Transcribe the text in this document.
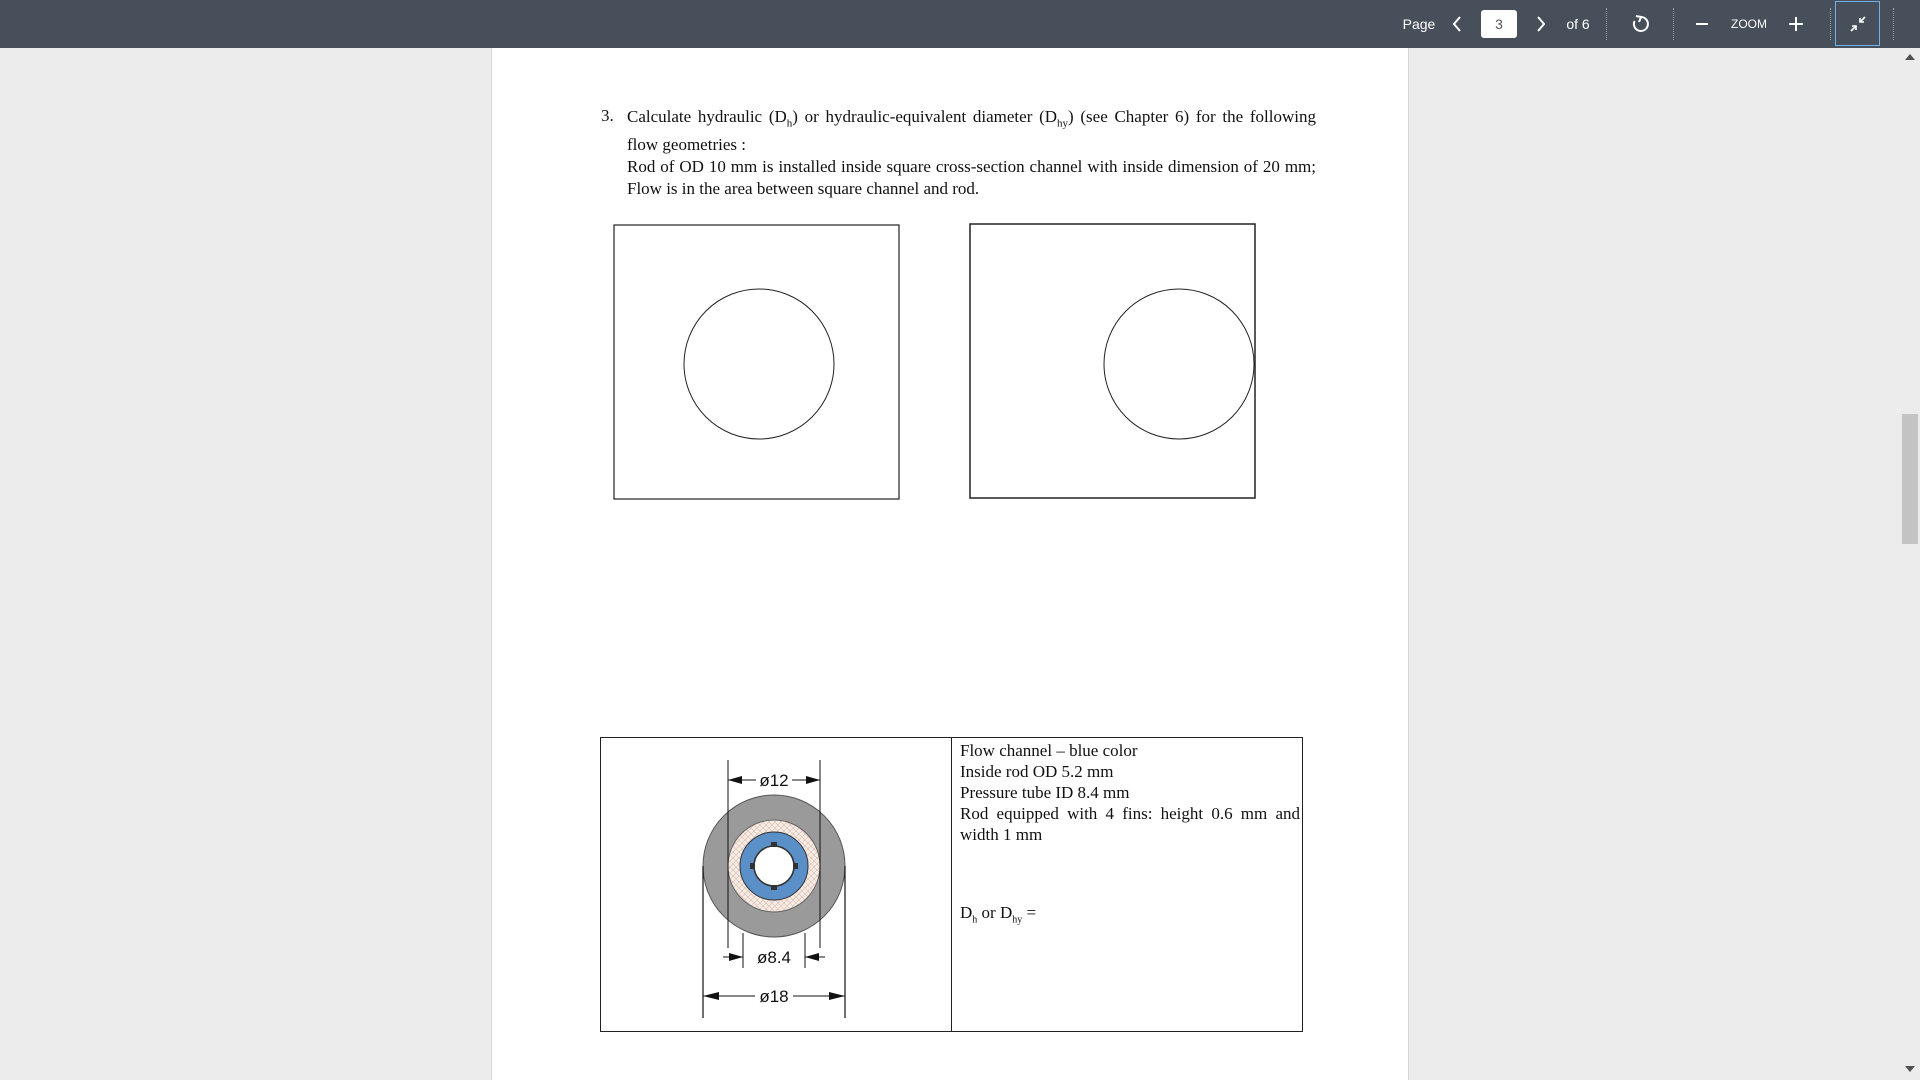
Page
3	of 6	ZOOM
3. Calculate hydraulic $(D_h)$ or hydraulic-equivalent diameter $(D_{hy})$ (see Chapter 6) for the following flow geometries :

Rod of OD 10 mm is installed inside square cross-section channel with inside dimension of 20 mm; Flow is in the area between square channel and rod.

ø12
ø8.4
ø18
Flow channel – blue color
Inside rod OD 5.2 mm
Pressure tube ID 8.4 mm
Rod equipped with 4 fins: height 0.6 mm and width 1 mm
$D_h$ or $D_{hy}$ =
